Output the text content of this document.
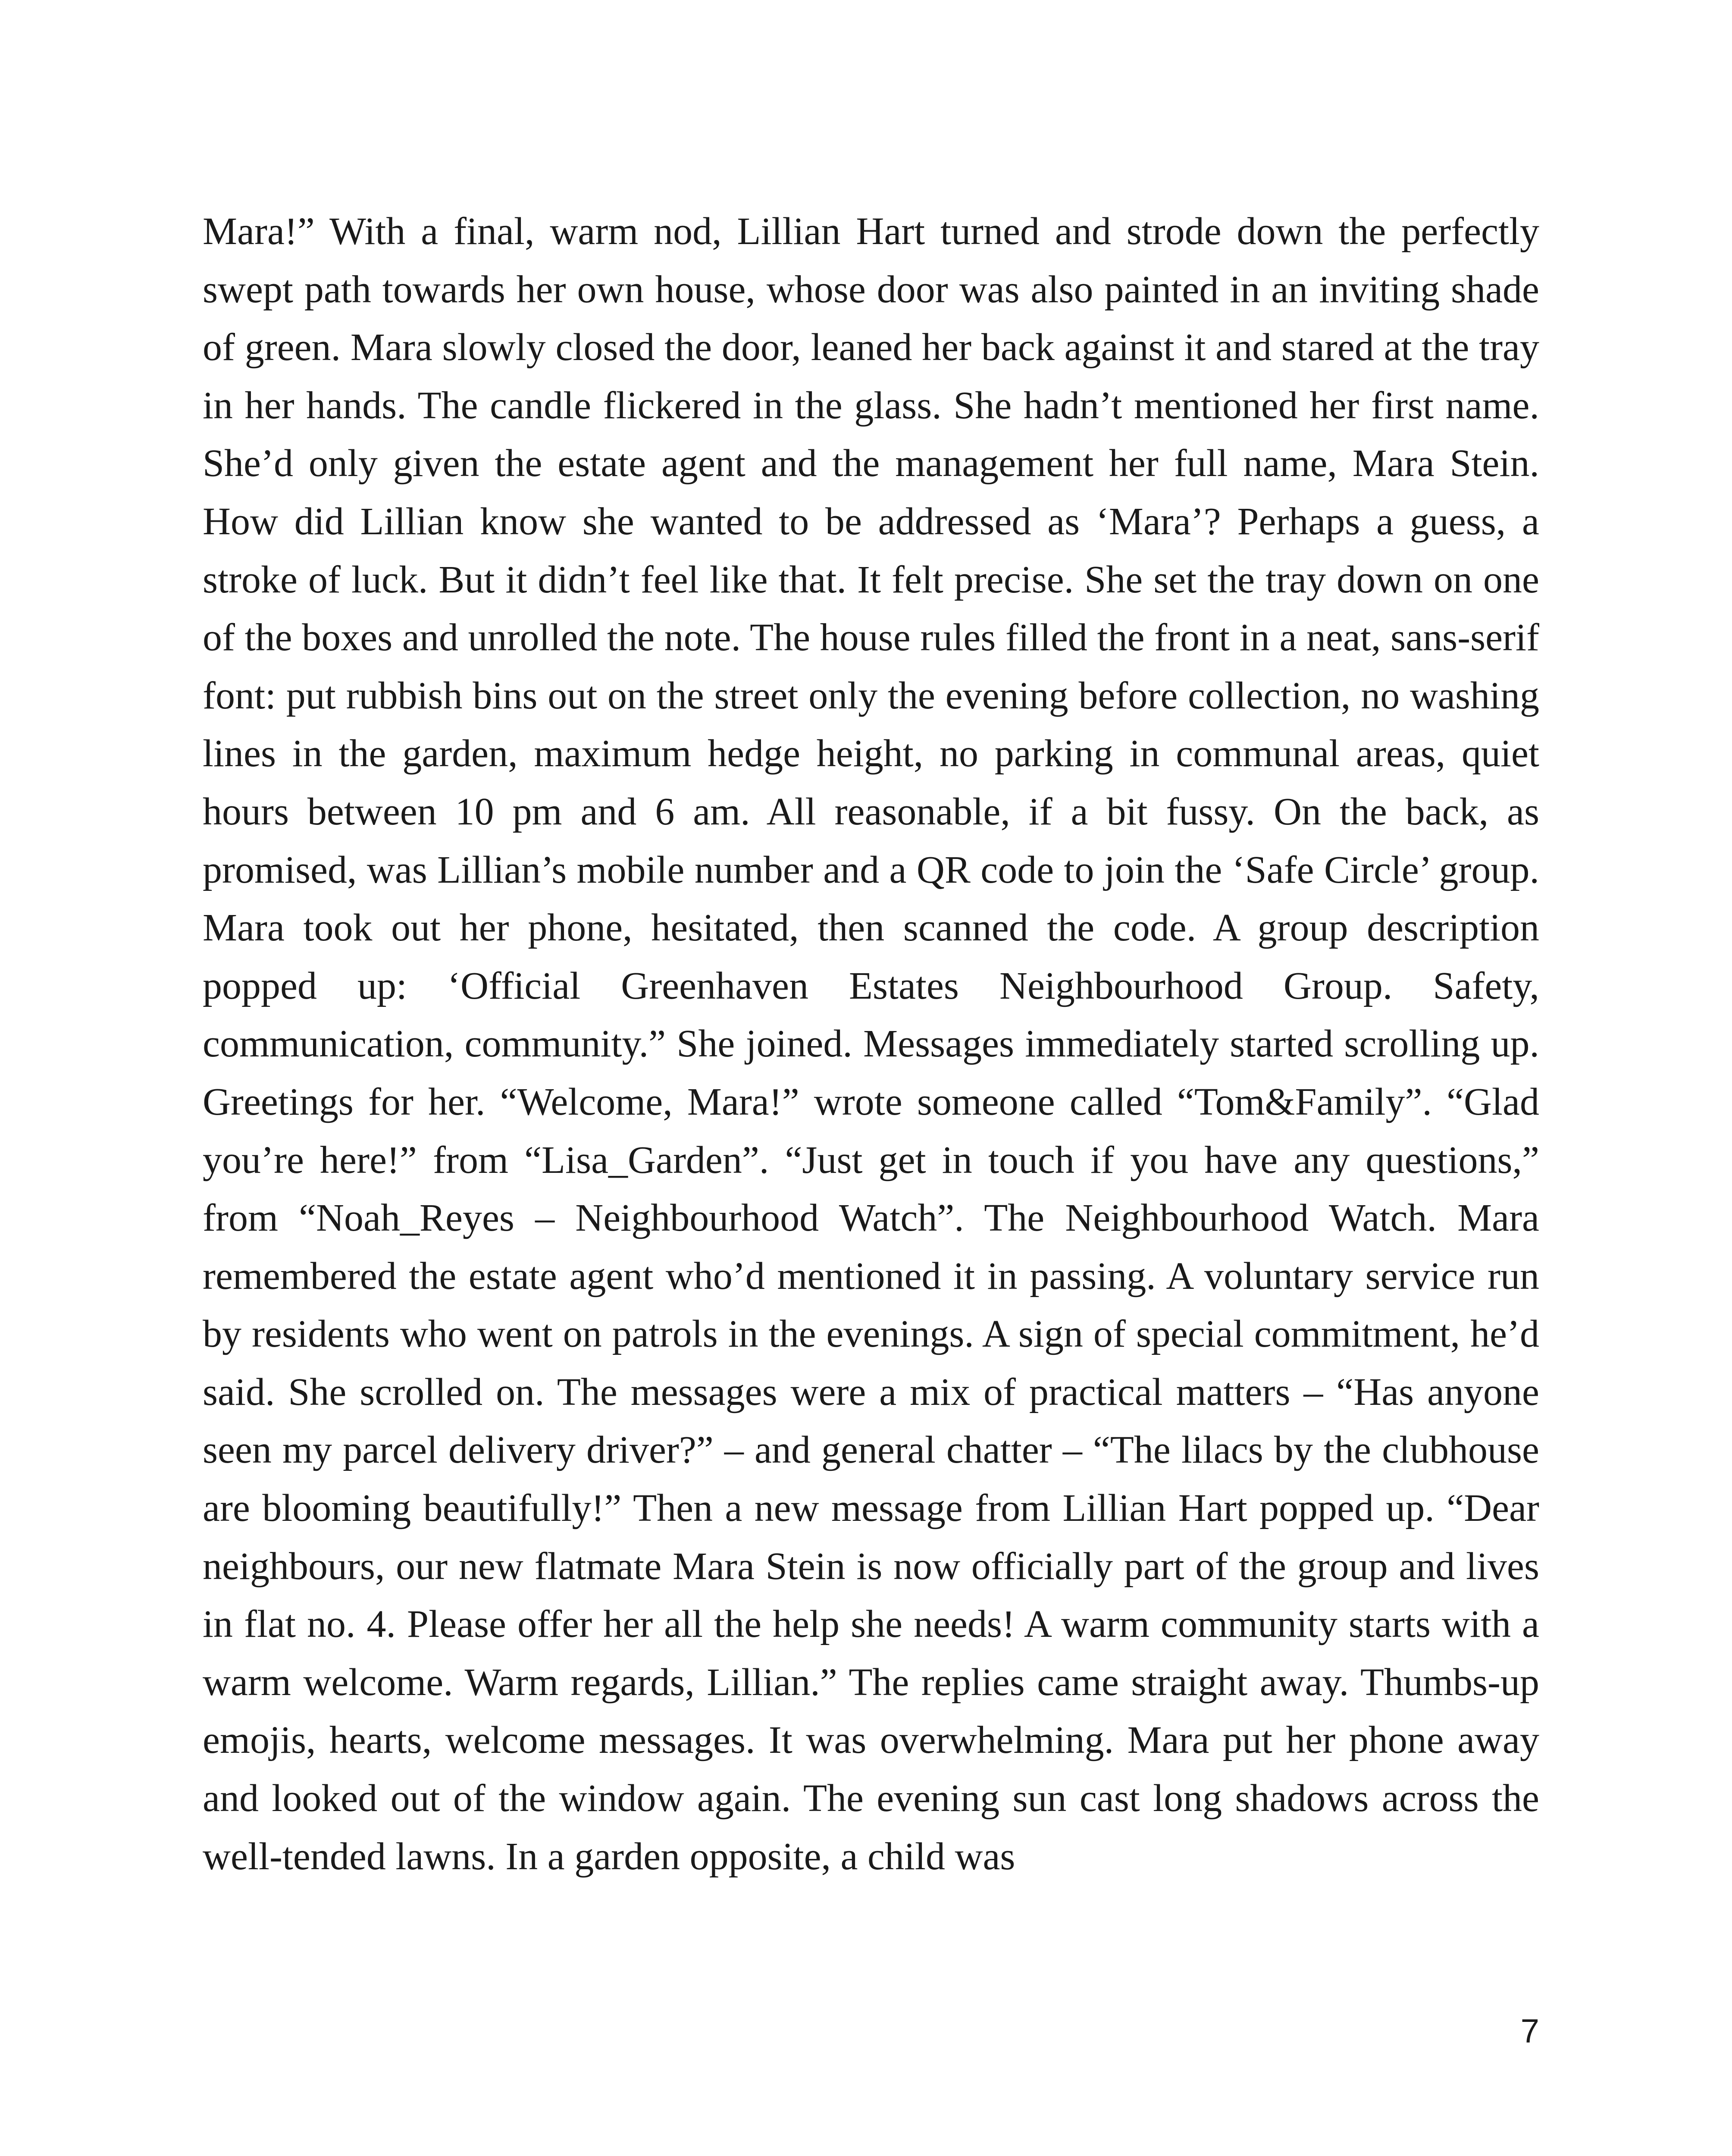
Mara!” With a final, warm nod, Lillian Hart turned and strode down the perfectly swept path towards her own house, whose door was also painted in an inviting shade of green. Mara slowly closed the door, leaned her back against it and stared at the tray in her hands. The candle flickered in the glass. She hadn’t mentioned her first name. She’d only given the estate agent and the management her full name, Mara Stein. How did Lillian know she wanted to be addressed as ‘Mara’? Perhaps a guess, a stroke of luck. But it didn’t feel like that. It felt precise. She set the tray down on one of the boxes and unrolled the note. The house rules filled the front in a neat, sans-serif font: put rubbish bins out on the street only the evening before collection, no washing lines in the garden, maximum hedge height, no parking in communal areas, quiet hours between 10 pm and 6 am. All reasonable, if a bit fussy. On the back, as promised, was Lillian’s mobile number and a QR code to join the ‘Safe Circle’ group. Mara took out her phone, hesitated, then scanned the code. A group description popped up: ‘Official Greenhaven Estates Neighbourhood Group. Safety, communication, community.” She joined. Messages immediately started scrolling up. Greetings for her. “Welcome, Mara!” wrote someone called “Tom&Family”. “Glad you’re here!” from “Lisa_Garden”. “Just get in touch if you have any questions,” from “Noah_Reyes – Neighbourhood Watch”. The Neighbourhood Watch. Mara remembered the estate agent who’d mentioned it in passing. A voluntary service run by residents who went on patrols in the evenings. A sign of special commitment, he’d said. She scrolled on. The messages were a mix of practical matters – “Has anyone seen my parcel delivery driver?” – and general chatter – “The lilacs by the clubhouse are blooming beautifully!” Then a new message from Lillian Hart popped up. “Dear neighbours, our new flatmate Mara Stein is now officially part of the group and lives in flat no. 4. Please offer her all the help she needs! A warm community starts with a warm welcome. Warm regards, Lillian.” The replies came straight away. Thumbs-up emojis, hearts, welcome messages. It was overwhelming. Mara put her phone away and looked out of the window again. The evening sun cast long shadows across the well-tended lawns. In a garden opposite, a child was

7
